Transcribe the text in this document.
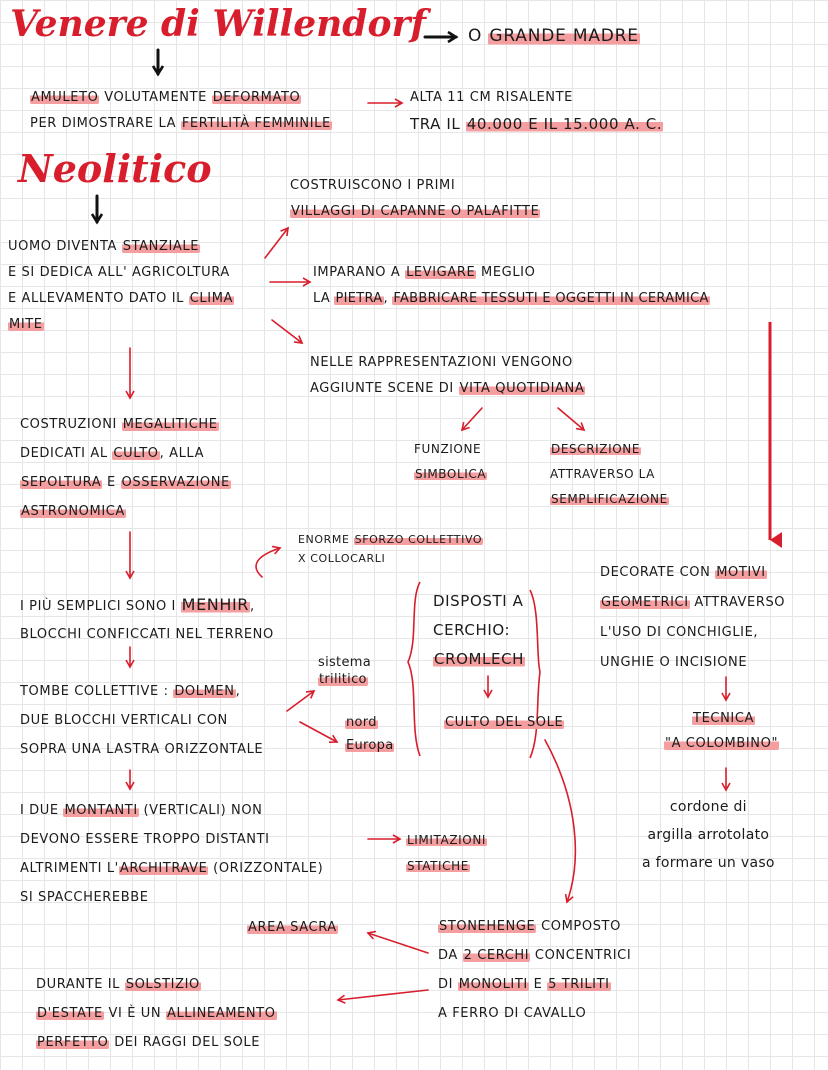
Venere di Willendorf O GRANDE MADRE
AMULETO VOLUTAMENTE DEFORMATO
PER DIMOSTRARE LA FERTILITÀ FEMMINILE
ALTA 11 CM RISALENTE
TRA IL 40.000 E IL 15.000 A. C.
Neolitico	COSTRUISCONO I PRIMI
VILLAGGI DI CAPANNE O PALAFITTE
UOMO DIVENTA STANZIALE
E SI DEDICA ALL' AGRICOLTURA
E ALLEVAMENTO DATO IL CLIMA
MITE
IMPARANO A LEVIGARE MEGLIO
LA PIETRA, FABBRICARE TESSUTI E OGGETTI IN CERAMICA
NELLE RAPPRESENTAZIONI VENGONO
AGGIUNTE SCENE DI VITA QUOTIDIANA
FUNZIONE
SIMBOLICA
DESCRIZIONE
ATTRAVERSO LA
SEMPLIFICAZIONE
COSTRUZIONI MEGALITICHE
DEDICATI AL CULTO, ALLA
SEPOLTURA E OSSERVAZIONE
ASTRONOMICA
ENORME SFORZO COLLETTIVO
X COLLOCARLI
I PIÙ SEMPLICI SONO I MENHIR,
BLOCCHI CONFICCATI NEL TERRENO
DISPOSTI A
CERCHIO:
CROMLECH
CULTO DEL SOLE
sistema
trilitico
TOMBE COLLETTIVE : DOLMEN,
DUE BLOCCHI VERTICALI CON
SOPRA UNA LASTRA ORIZZONTALE
nord
Europa
DECORATE CON MOTIVI
GEOMETRICI ATTRAVERSO
L'USO DI CONCHIGLIE,
UNGHIE O INCISIONE
TECNICA
"A COLOMBINO"
cordone di
argilla arrotolato
a formare un vaso
I DUE MONTANTI (VERTICALI) NON
DEVONO ESSERE TROPPO DISTANTI
ALTRIMENTI L'ARCHITRAVE (ORIZZONTALE)
SI SPACCHEREBBE
LIMITAZIONI
STATICHE
AREA SACRA	STONEHENGE COMPOSTO
DA 2 CERCHI CONCENTRICI
DI MONOLITI E 5 TRILITI
A FERRO DI CAVALLO
DURANTE IL SOLSTIZIO
D'ESTATE VI È UN ALLINEAMENTO
PERFETTO DEI RAGGI DEL SOLE
